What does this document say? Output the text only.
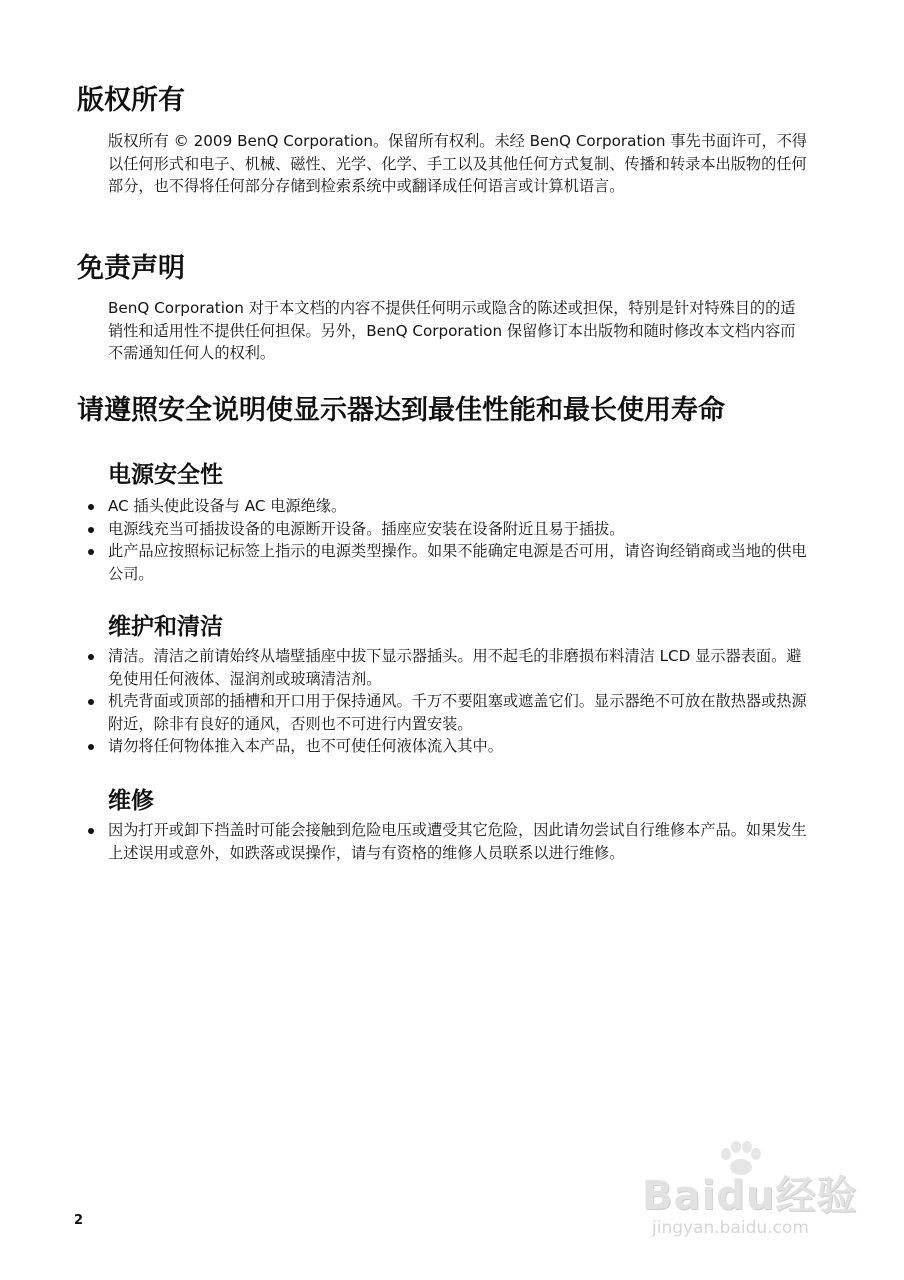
版权所有

版权所有 © 2009 BenQ Corporation。保留所有权利。未经 BenQ Corporation 事先书面许可，不得以任何形式和电子、机械、磁性、光学、化学、手工以及其他任何方式复制、传播和转录本出版物的任何部分，也不得将任何部分存储到检索系统中或翻译成任何语言或计算机语言。

免责声明

BenQ Corporation 对于本文档的内容不提供任何明示或隐含的陈述或担保，特别是针对特殊目的的适销性和适用性不提供任何担保。另外，BenQ Corporation 保留修订本出版物和随时修改本文档内容而不需通知任何人的权利。

请遵照安全说明使显示器达到最佳性能和最长使用寿命
电源安全性
AC 插头使此设备与 AC 电源绝缘。
电源线充当可插拔设备的电源断开设备。插座应安装在设备附近且易于插拔。
此产品应按照标记标签上指示的电源类型操作。如果不能确定电源是否可用，请咨询经销商或当地的供电公司。
维护和清洁
清洁。清洁之前请始终从墙壁插座中拔下显示器插头。用不起毛的非磨损布料清洁 LCD 显示器表面。避免使用任何液体、湿润剂或玻璃清洁剂。
机壳背面或顶部的插槽和开口用于保持通风。千万不要阻塞或遮盖它们。显示器绝不可放在散热器或热源附近，除非有良好的通风，否则也不可进行内置安装。
请勿将任何物体推入本产品，也不可使任何液体流入其中。
维修
因为打开或卸下挡盖时可能会接触到危险电压或遭受其它危险，因此请勿尝试自行维修本产品。如果发生上述误用或意外，如跌落或误操作，请与有资格的维修人员联系以进行维修。
2
Baidu经验
jingyan.baidu.com
